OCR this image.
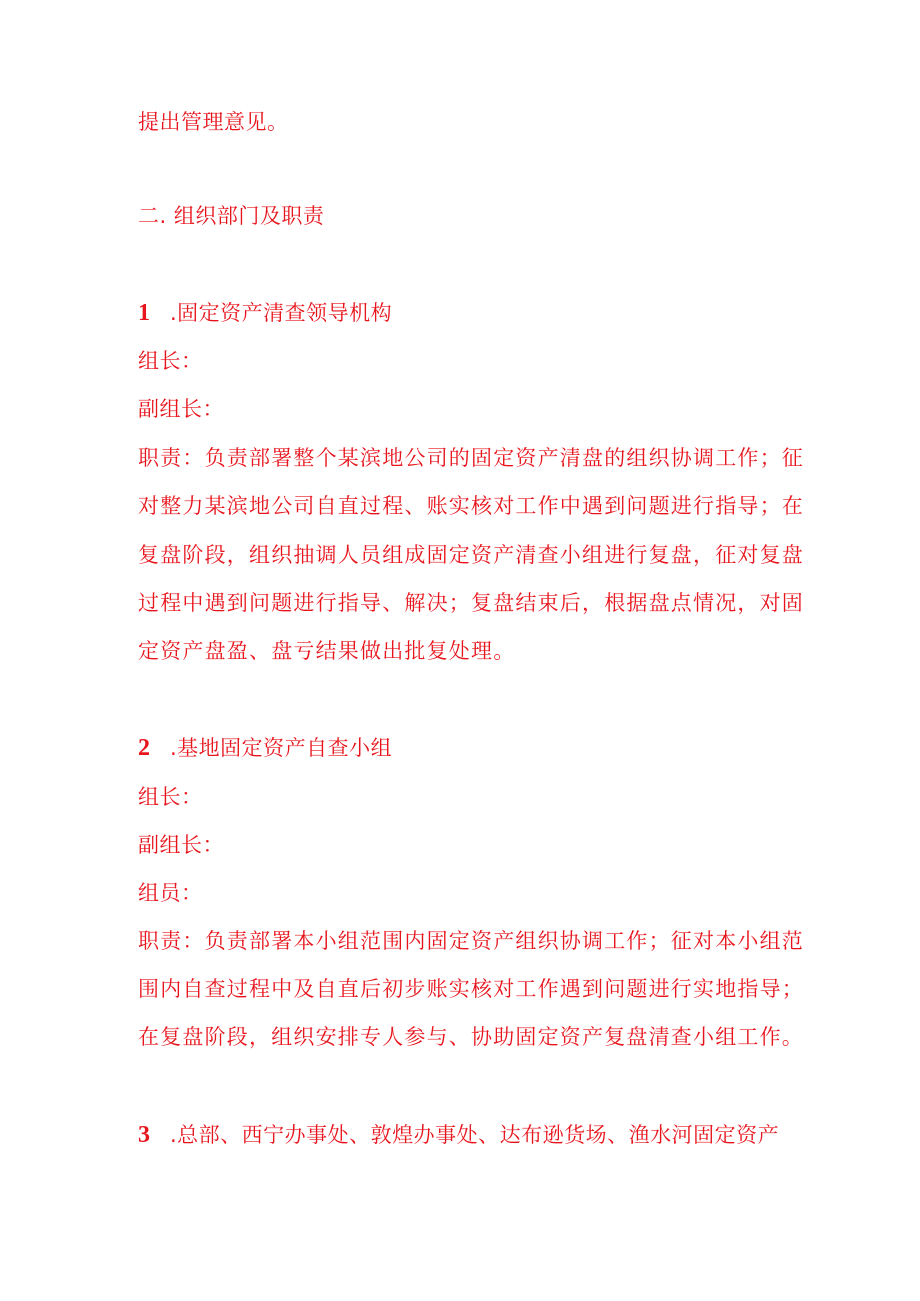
提出管理意见。
二. 组织部门及职责
1 .固定资产清查领导机构
组长：
副组长：
职责：负责部署整个某滨地公司的固定资产清盘的组织协调工作；征
对整力某滨地公司自直过程、账实核对工作中遇到问题进行指导；在
复盘阶段，组织抽调人员组成固定资产清查小组进行复盘，征对复盘
过程中遇到问题进行指导、解决；复盘结束后，根据盘点情况，对固
定资产盘盈、盘亏结果做出批复处理。
2 .基地固定资产自查小组
组长：
副组长：
组员：
职责：负责部署本小组范围内固定资产组织协调工作；征对本小组范
围内自查过程中及自直后初步账实核对工作遇到问题进行实地指导；
在复盘阶段，组织安排专人参与、协助固定资产复盘清查小组工作。
3 .总部、西宁办事处、敦煌办事处、达布逊货场、渔水河固定资产
